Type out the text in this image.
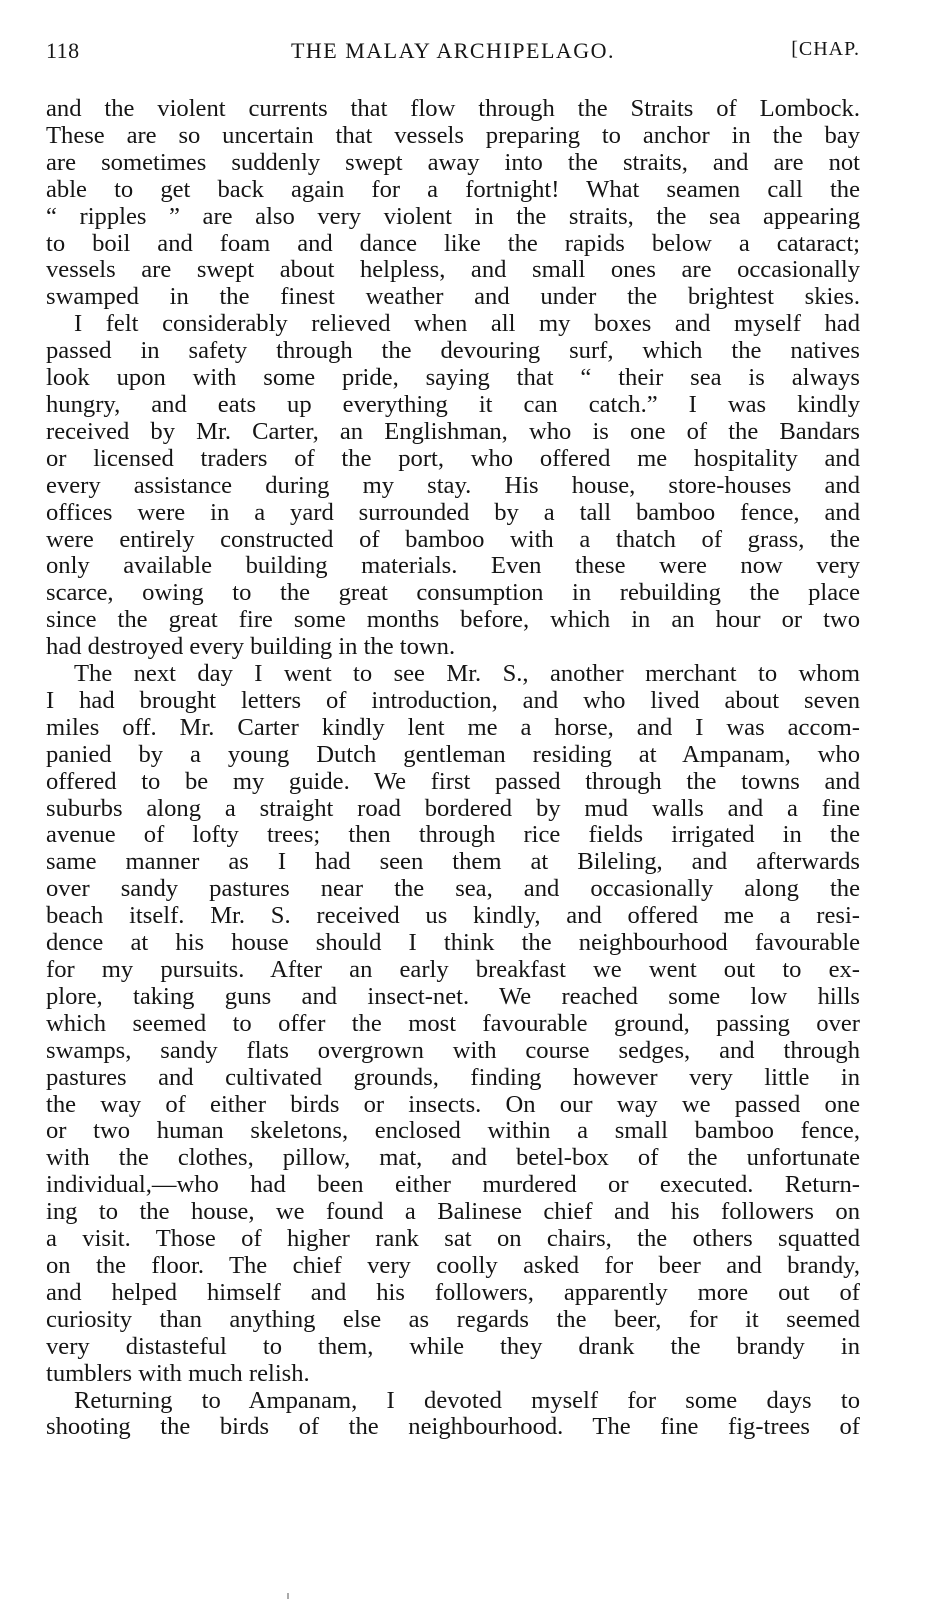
118	THE MALAY ARCHIPELAGO.	[CHAP.

and the violent currents that flow through the Straits of Lombock.
These are so uncertain that vessels preparing to anchor in the bay
are sometimes suddenly swept away into the straits, and are not
able to get back again for a fortnight! What seamen call the
“ ripples ” are also very violent in the straits, the sea appearing
to boil and foam and dance like the rapids below a cataract;
vessels are swept about helpless, and small ones are occasionally
swamped in the finest weather and under the brightest skies.

I felt considerably relieved when all my boxes and myself had
passed in safety through the devouring surf, which the natives
look upon with some pride, saying that “ their sea is always
hungry, and eats up everything it can catch.” I was kindly
received by Mr. Carter, an Englishman, who is one of the Bandars
or licensed traders of the port, who offered me hospitality and
every assistance during my stay. His house, store-houses and
offices were in a yard surrounded by a tall bamboo fence, and
were entirely constructed of bamboo with a thatch of grass, the
only available building materials. Even these were now very
scarce, owing to the great consumption in rebuilding the place
since the great fire some months before, which in an hour or two
had destroyed every building in the town.

The next day I went to see Mr. S., another merchant to whom
I had brought letters of introduction, and who lived about seven
miles off. Mr. Carter kindly lent me a horse, and I was accom-
panied by a young Dutch gentleman residing at Ampanam, who
offered to be my guide. We first passed through the towns and
suburbs along a straight road bordered by mud walls and a fine
avenue of lofty trees; then through rice fields irrigated in the
same manner as I had seen them at Bileling, and afterwards
over sandy pastures near the sea, and occasionally along the
beach itself. Mr. S. received us kindly, and offered me a resi-
dence at his house should I think the neighbourhood favourable
for my pursuits. After an early breakfast we went out to ex-
plore, taking guns and insect-net. We reached some low hills
which seemed to offer the most favourable ground, passing over
swamps, sandy flats overgrown with course sedges, and through
pastures and cultivated grounds, finding however very little in
the way of either birds or insects. On our way we passed one
or two human skeletons, enclosed within a small bamboo fence,
with the clothes, pillow, mat, and betel-box of the unfortunate
individual,—who had been either murdered or executed. Return-
ing to the house, we found a Balinese chief and his followers on
a visit. Those of higher rank sat on chairs, the others squatted
on the floor. The chief very coolly asked for beer and brandy,
and helped himself and his followers, apparently more out of
curiosity than anything else as regards the beer, for it seemed
very distasteful to them, while they drank the brandy in
tumblers with much relish.

Returning to Ampanam, I devoted myself for some days to
shooting the birds of the neighbourhood. The fine fig-trees of
